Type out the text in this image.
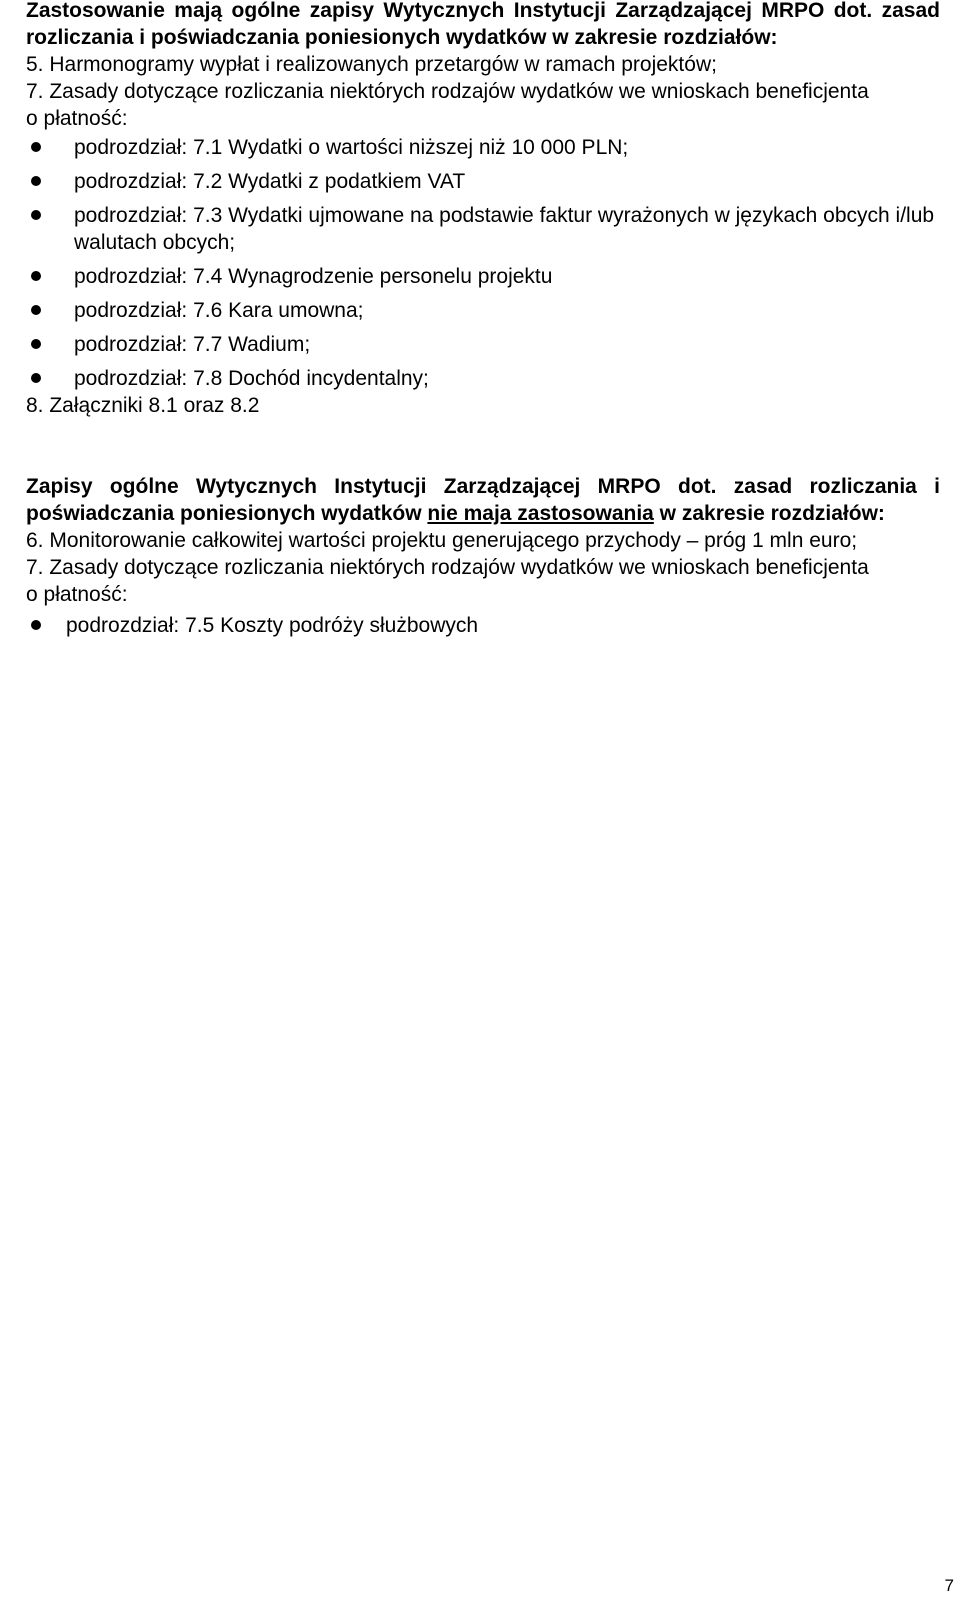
Zastosowanie mają ogólne zapisy Wytycznych Instytucji Zarządzającej MRPO dot. zasad rozliczania i poświadczania poniesionych wydatków w zakresie rozdziałów:
5. Harmonogramy wypłat i realizowanych przetargów w ramach projektów;
7. Zasady dotyczące rozliczania niektórych rodzajów wydatków we wnioskach beneficjenta
o płatność:
podrozdział: 7.1 Wydatki o wartości niższej niż 10 000 PLN;
podrozdział: 7.2 Wydatki z podatkiem VAT
podrozdział: 7.3 Wydatki ujmowane na podstawie faktur wyrażonych w językach obcych i/lub walutach obcych;
podrozdział: 7.4 Wynagrodzenie personelu projektu
podrozdział: 7.6 Kara umowna;
podrozdział: 7.7 Wadium;
podrozdział: 7.8 Dochód incydentalny;
8. Załączniki 8.1 oraz 8.2
Zapisy ogólne Wytycznych Instytucji Zarządzającej MRPO dot. zasad rozliczania i poświadczania poniesionych wydatków nie maja zastosowania w zakresie rozdziałów:
6. Monitorowanie całkowitej wartości projektu generującego przychody – próg 1 mln euro;
7. Zasady dotyczące rozliczania niektórych rodzajów wydatków we wnioskach beneficjenta
o płatność:
podrozdział: 7.5 Koszty podróży służbowych
7
